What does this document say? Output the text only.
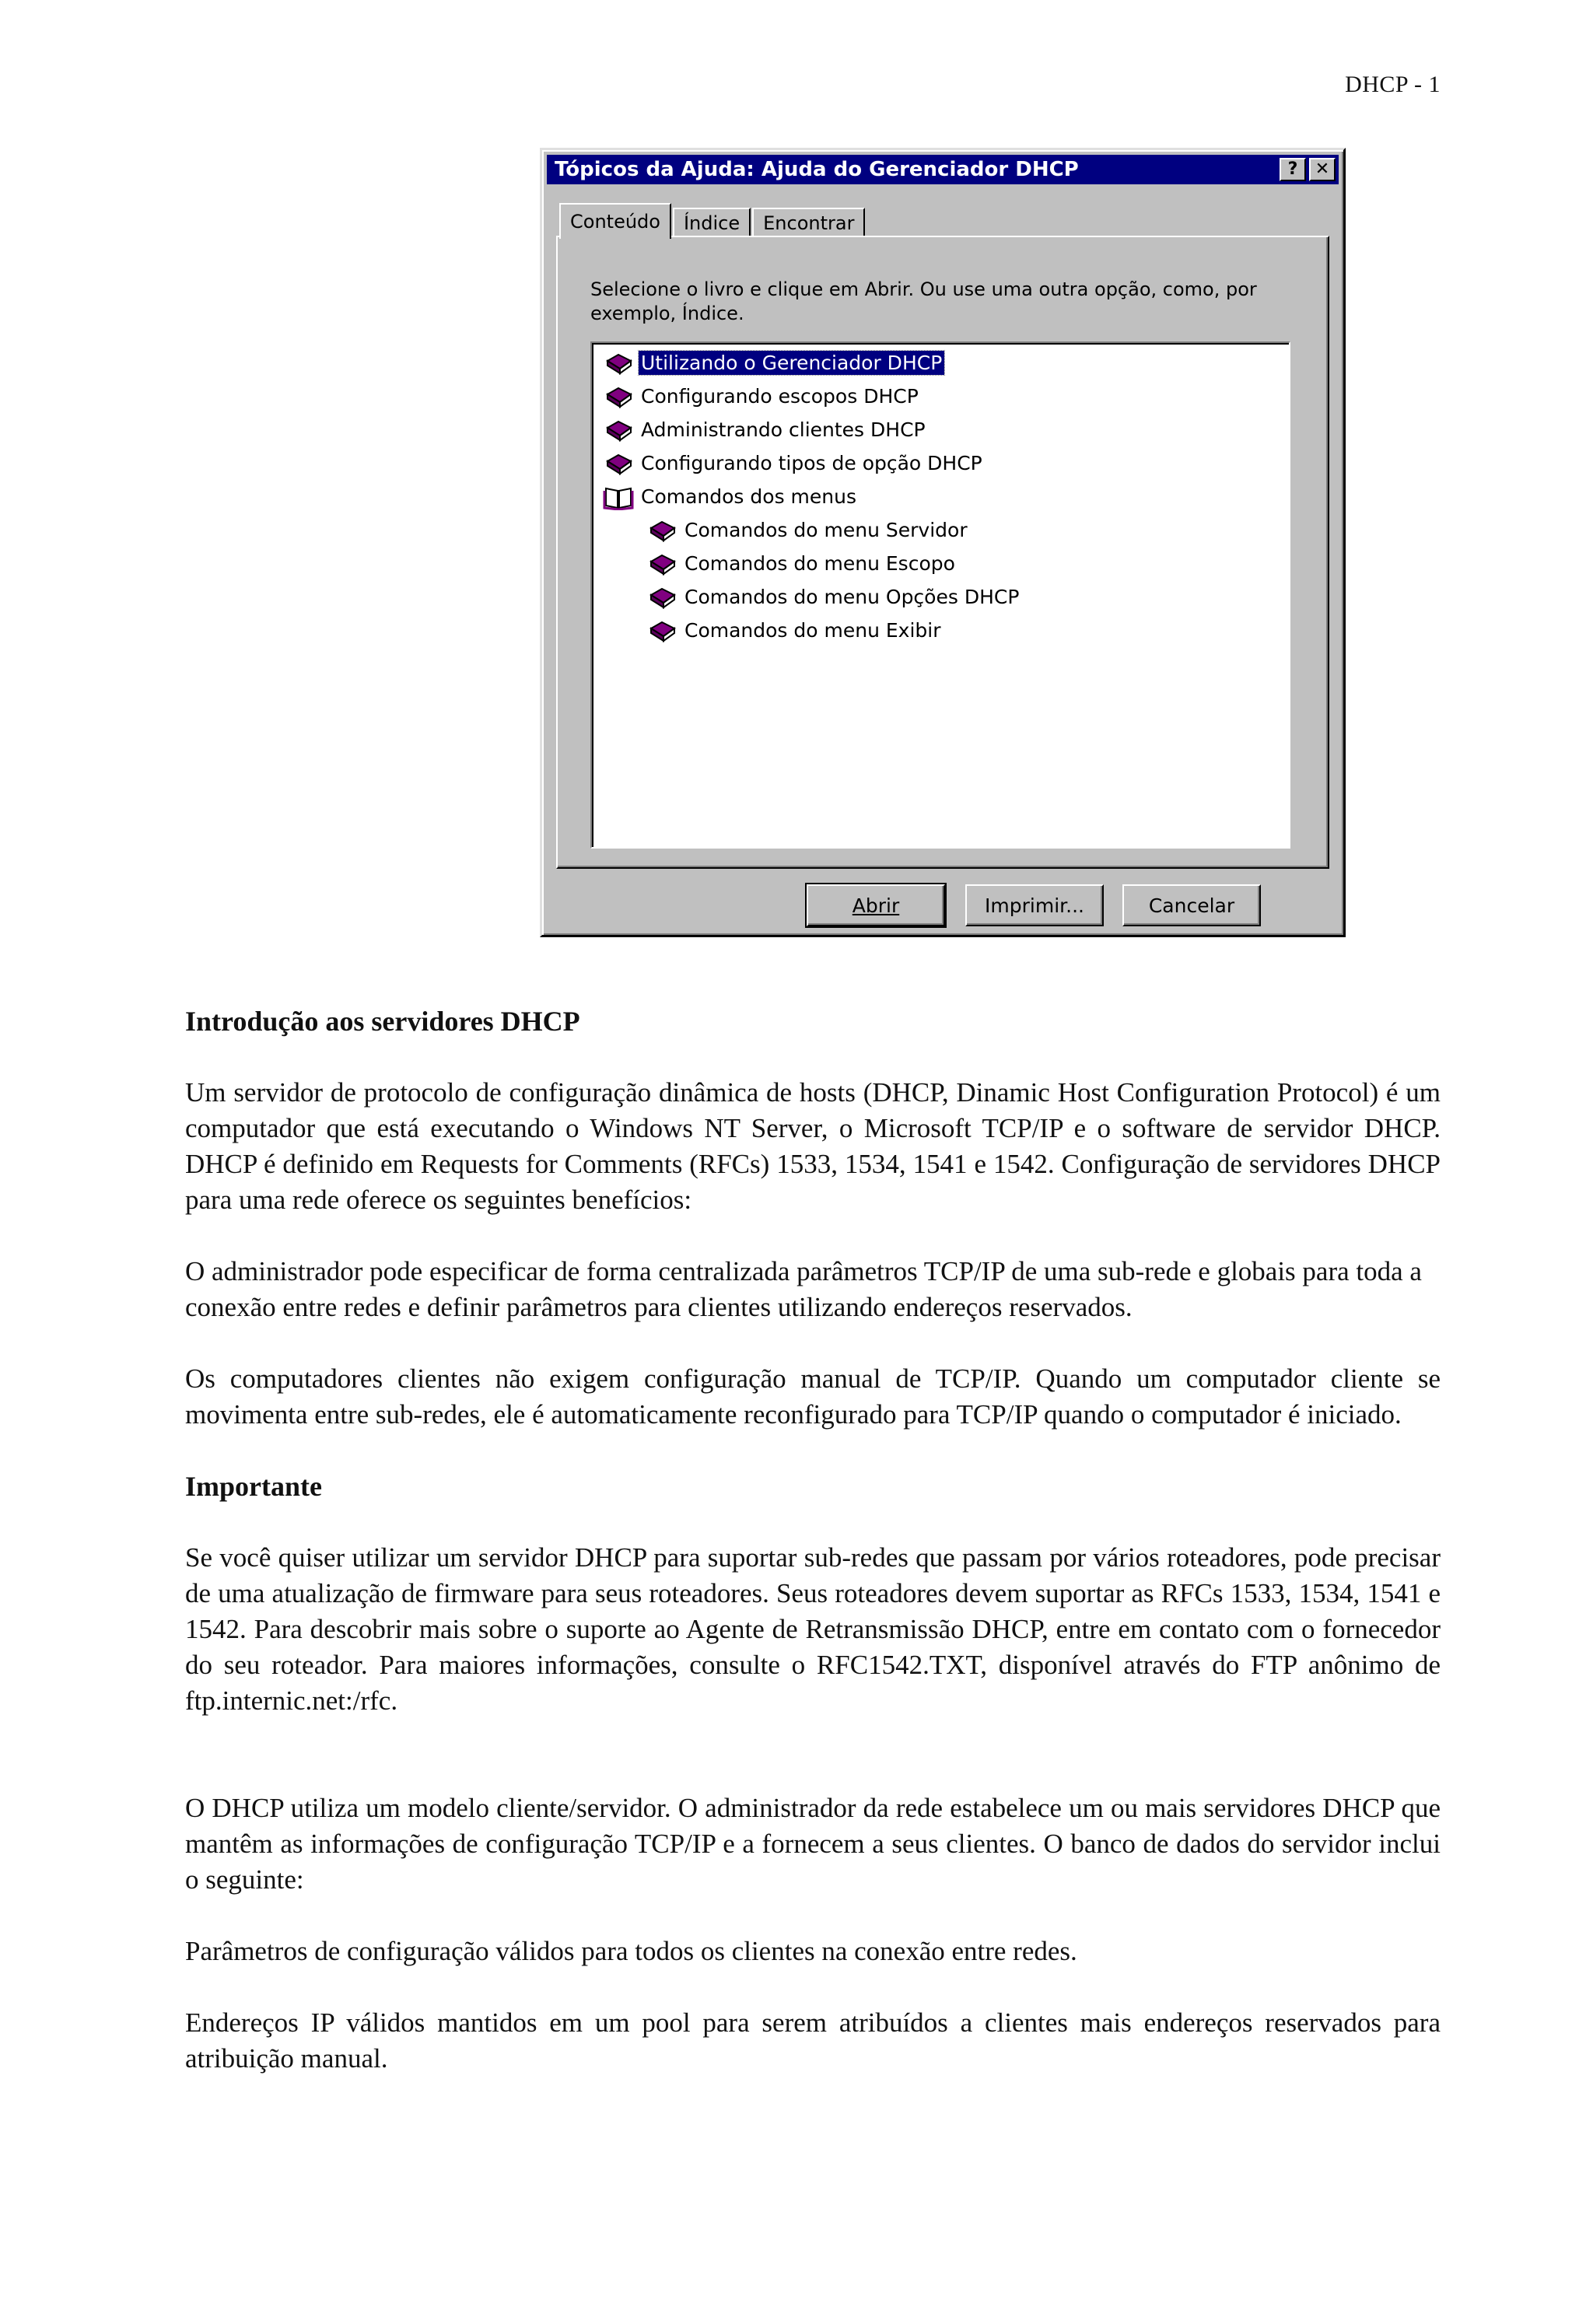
DHCP - 1
Tópicos da Ajuda: Ajuda do Gerenciador DHCP	?	✕
Conteúdo	Índice	Encontrar
Selecione o livro e clique em Abrir. Ou use uma outra opção, como, por exemplo, Índice.
Utilizando o Gerenciador DHCP
Configurando escopos DHCP
Administrando clientes DHCP
Configurando tipos de opção DHCP
Comandos dos menus
Comandos do menu Servidor
Comandos do menu Escopo
Comandos do menu Opções DHCP
Comandos do menu Exibir
Abrir	Imprimir...	Cancelar
Introdução aos servidores DHCP

Um servidor de protocolo de configuração dinâmica de hosts (DHCP, Dinamic Host Configuration Protocol) é um computador que está executando o Windows NT Server, o Microsoft TCP/IP e o software de servidor DHCP. DHCP é definido em Requests for Comments (RFCs) 1533, 1534, 1541 e 1542. Configuração de servidores DHCP para uma rede oferece os seguintes benefícios:

O administrador pode especificar de forma centralizada parâmetros TCP/IP de uma sub-rede e globais para toda a conexão entre redes e definir parâmetros para clientes utilizando endereços reservados.

Os computadores clientes não exigem configuração manual de TCP/IP. Quando um computador cliente se movimenta entre sub-redes, ele é automaticamente reconfigurado para TCP/IP quando o computador é iniciado.

Importante

Se você quiser utilizar um servidor DHCP para suportar sub-redes que passam por vários roteadores, pode precisar de uma atualização de firmware para seus roteadores. Seus roteadores devem suportar as RFCs 1533, 1534, 1541 e 1542. Para descobrir mais sobre o suporte ao Agente de Retransmissão DHCP, entre em contato com o fornecedor do seu roteador. Para maiores informações, consulte o RFC1542.TXT, disponível através do FTP anônimo de ftp.internic.net:/rfc.

O DHCP utiliza um modelo cliente/servidor. O administrador da rede estabelece um ou mais servidores DHCP que mantêm as informações de configuração TCP/IP e a fornecem a seus clientes. O banco de dados do servidor inclui o seguinte:

Parâmetros de configuração válidos para todos os clientes na conexão entre redes.

Endereços IP válidos mantidos em um pool para serem atribuídos a clientes mais endereços reservados para atribuição manual.
